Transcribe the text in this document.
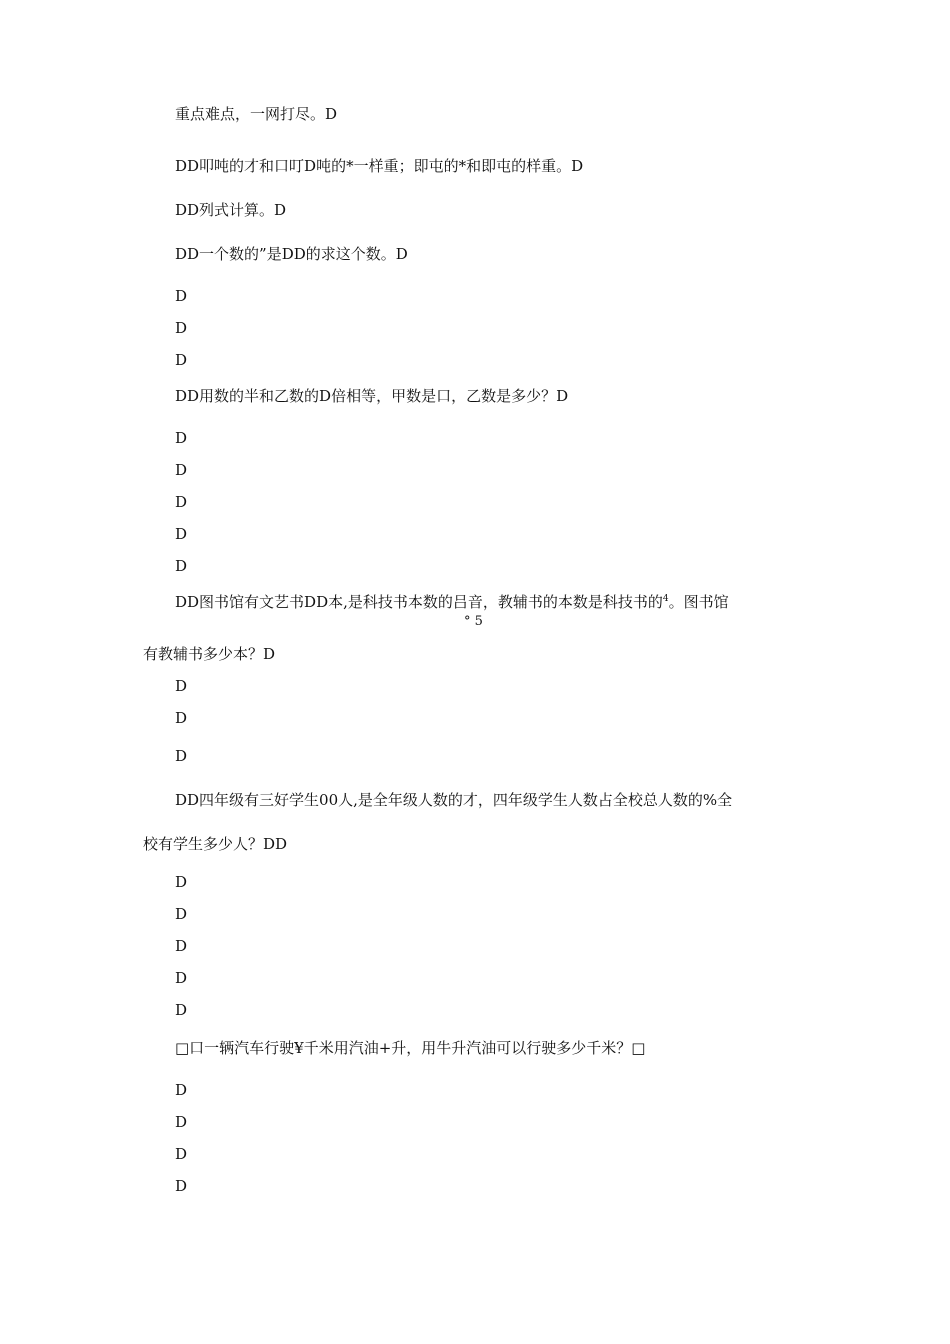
重点难点，一网打尽。D
DD叩吨的才和口叮D吨的*一样重；即屯的*和即屯的样重。D
DD列式计算。D
DD一个数的”是DD的求这个数。D
D
D
D
DD用数的半和乙数的D倍相等，甲数是口，乙数是多少？D
D
D
D
D
D
DD图书馆有文艺书DD本,是科技书本数的吕音，教辅书的本数是科技书的$^4$。图书馆
° 5
有教辅书多少本？D
D
D
D
DD四年级有三好学生00人,是全年级人数的才，四年级学生人数占全校总人数的%全
校有学生多少人？DD
D
D
D
D
D
□口一辆汽车行驶¥千米用汽油+升，用牛升汽油可以行驶多少千米？□
D
D
D
D
